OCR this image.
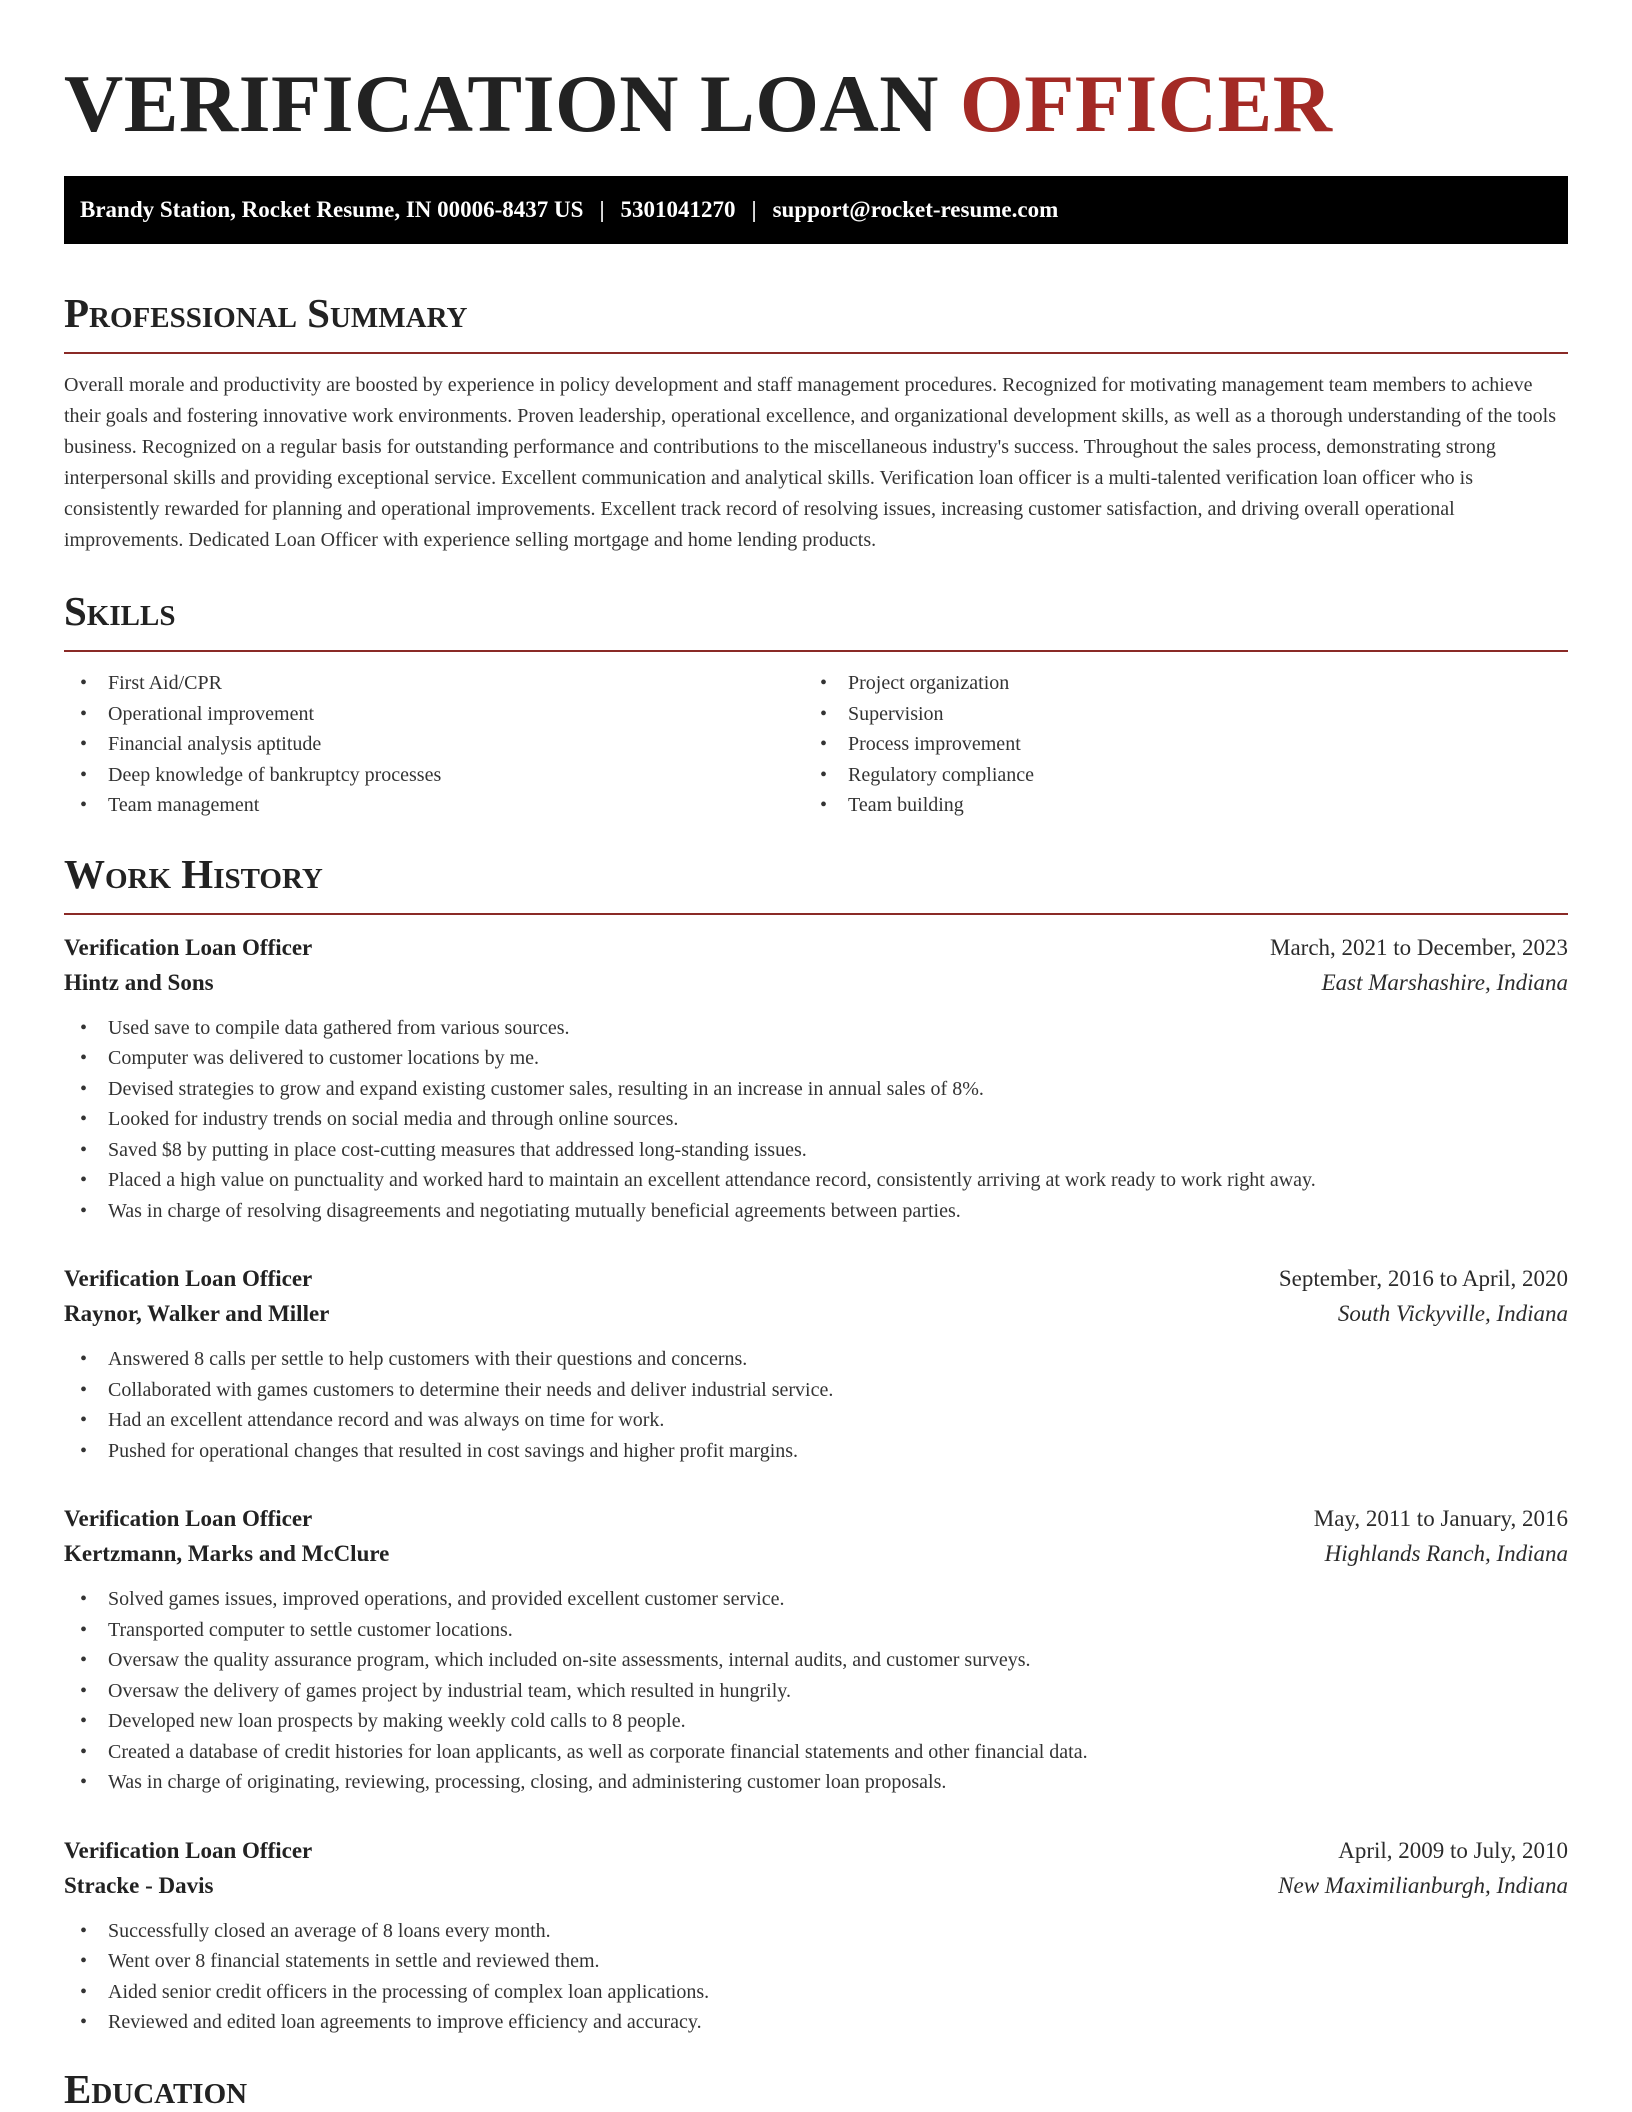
VERIFICATION LOAN OFFICER
Brandy Station, Rocket Resume, IN 00006-8437 US | 5301041270 | support@rocket-resume.com
Professional Summary

Overall morale and productivity are boosted by experience in policy development and staff management procedures. Recognized for motivating management team members to achieve their goals and fostering innovative work environments. Proven leadership, operational excellence, and organizational development skills, as well as a thorough understanding of the tools business. Recognized on a regular basis for outstanding performance and contributions to the miscellaneous industry's success. Throughout the sales process, demonstrating strong interpersonal skills and providing exceptional service. Excellent communication and analytical skills. Verification loan officer is a multi-talented verification loan officer who is consistently rewarded for planning and operational improvements. Excellent track record of resolving issues, increasing customer satisfaction, and driving overall operational improvements. Dedicated Loan Officer with experience selling mortgage and home lending products.

Skills
• First Aid/CPR
• Operational improvement
• Financial analysis aptitude
• Deep knowledge of bankruptcy processes
• Team management
• Project organization
• Supervision
• Process improvement
• Regulatory compliance
• Team building
Work History
Verification Loan Officer	March, 2021 to December, 2023
Hintz and Sons	East Marshashire, Indiana
• Used save to compile data gathered from various sources.
• Computer was delivered to customer locations by me.
• Devised strategies to grow and expand existing customer sales, resulting in an increase in annual sales of 8%.
• Looked for industry trends on social media and through online sources.
• Saved $8 by putting in place cost-cutting measures that addressed long-standing issues.
• Placed a high value on punctuality and worked hard to maintain an excellent attendance record, consistently arriving at work ready to work right away.
• Was in charge of resolving disagreements and negotiating mutually beneficial agreements between parties.
Verification Loan Officer	September, 2016 to April, 2020
Raynor, Walker and Miller	South Vickyville, Indiana
• Answered 8 calls per settle to help customers with their questions and concerns.
• Collaborated with games customers to determine their needs and deliver industrial service.
• Had an excellent attendance record and was always on time for work.
• Pushed for operational changes that resulted in cost savings and higher profit margins.
Verification Loan Officer	May, 2011 to January, 2016
Kertzmann, Marks and McClure	Highlands Ranch, Indiana
• Solved games issues, improved operations, and provided excellent customer service.
• Transported computer to settle customer locations.
• Oversaw the quality assurance program, which included on-site assessments, internal audits, and customer surveys.
• Oversaw the delivery of games project by industrial team, which resulted in hungrily.
• Developed new loan prospects by making weekly cold calls to 8 people.
• Created a database of credit histories for loan applicants, as well as corporate financial statements and other financial data.
• Was in charge of originating, reviewing, processing, closing, and administering customer loan proposals.
Verification Loan Officer	April, 2009 to July, 2010
Stracke - Davis	New Maximilianburgh, Indiana
• Successfully closed an average of 8 loans every month.
• Went over 8 financial statements in settle and reviewed them.
• Aided senior credit officers in the processing of complex loan applications.
• Reviewed and edited loan agreements to improve efficiency and accuracy.
Education
